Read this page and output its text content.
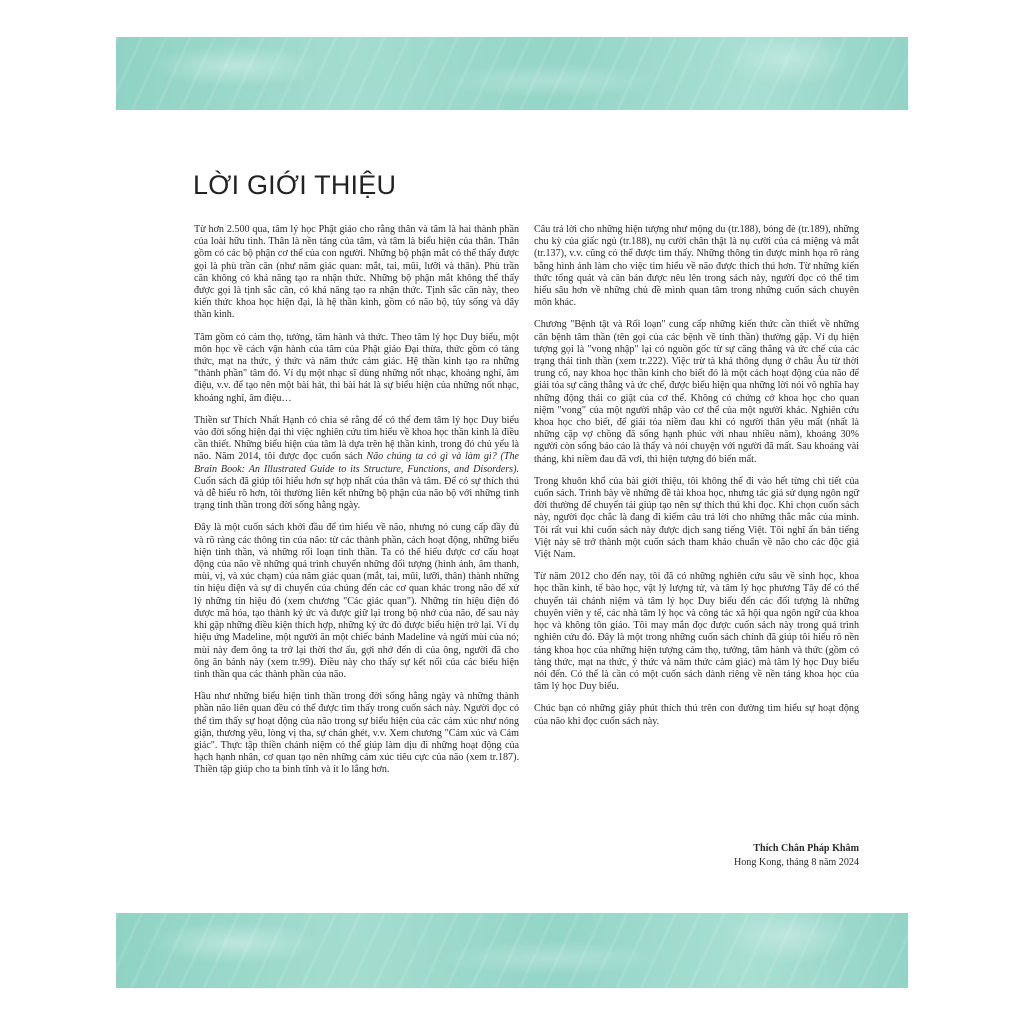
LỜI GIỚI THIỆU

Từ hơn 2.500 qua, tâm lý học Phật giáo cho rằng thân và tâm là hai thành phần của loài hữu tình. Thân là nền tảng của tâm, và tâm là biểu hiện của thân. Thân gồm có các bộ phận cơ thể của con người. Những bộ phận mắt có thể thấy được gọi là phù trần căn (như năm giác quan: mắt, tai, mũi, lưỡi và thân). Phù trần căn không có khả năng tạo ra nhận thức. Những bộ phận mắt không thể thấy được gọi là tịnh sắc căn, có khả năng tạo ra nhận thức. Tịnh sắc căn này, theo kiến thức khoa học hiện đại, là hệ thần kinh, gồm có não bộ, tủy sống và dây thần kinh.

Tâm gồm có cảm thọ, tưởng, tâm hành và thức. Theo tâm lý học Duy biểu, một môn học về cách vận hành của tâm của Phật giáo Đại thừa, thức gồm có tàng thức, mạt na thức, ý thức và năm thức cảm giác. Hệ thần kinh tạo ra những "thành phần" tâm đó. Ví dụ một nhạc sĩ dùng những nốt nhạc, khoảng nghỉ, âm điệu, v.v. để tạo nên một bài hát, thì bài hát là sự biểu hiện của những nốt nhạc, khoảng nghỉ, âm điệu…

Thiền sư Thích Nhất Hạnh có chia sẻ rằng để có thể đem tâm lý học Duy biểu vào đời sống hiện đại thì việc nghiên cứu tìm hiểu về khoa học thần kinh là điều cần thiết. Những biểu hiện của tâm là dựa trên hệ thần kinh, trong đó chủ yếu là não. Năm 2014, tôi được đọc cuốn sách Não chúng ta có gì và làm gì? (The Brain Book: An Illustrated Guide to its Structure, Functions, and Disorders). Cuốn sách đã giúp tôi hiểu hơn sự hợp nhất của thân và tâm. Để có sự thích thú và dễ hiểu rõ hơn, tôi thường liên kết những bộ phận của não bộ với những tình trạng tinh thần trong đời sống hằng ngày.

Đây là một cuốn sách khởi đầu để tìm hiểu về não, nhưng nó cung cấp đầy đủ và rõ ràng các thông tin của não: từ các thành phần, cách hoạt động, những biểu hiện tinh thần, và những rối loạn tinh thần. Ta có thể hiểu được cơ cấu hoạt động của não về những quá trình chuyển những đối tượng (hình ảnh, âm thanh, mùi, vị, và xúc chạm) của năm giác quan (mắt, tai, mũi, lưỡi, thân) thành những tín hiệu điện và sự di chuyển của chúng đến các cơ quan khác trong não để xử lý những tín hiệu đó (xem chương "Các giác quan"). Những tín hiệu điện đó được mã hóa, tạo thành ký ức và được giữ lại trong bộ nhớ của não, để sau này khi gặp những điều kiện thích hợp, những ký ức đó được biểu hiện trở lại. Ví dụ hiệu ứng Madeline, một người ăn một chiếc bánh Madeline và ngửi mùi của nó; mùi này đem ông ta trở lại thời thơ ấu, gợi nhớ đến dì của ông, người đã cho ông ăn bánh này (xem tr.99). Điều này cho thấy sự kết nối của các biểu hiện tinh thần qua các thành phần của não.

Hầu như những biểu hiện tinh thần trong đời sống hằng ngày và những thành phần não liên quan đều có thể được tìm thấy trong cuốn sách này. Người đọc có thể tìm thấy sự hoạt động của não trong sự biểu hiện của các cảm xúc như nóng giận, thương yêu, lòng vị tha, sự chán ghét, v.v. Xem chương "Cảm xúc và Cảm giác". Thực tập thiền chánh niệm có thể giúp làm dịu đi những hoạt động của hạch hạnh nhân, cơ quan tạo nên những cảm xúc tiêu cực của não (xem tr.187). Thiền tập giúp cho ta bình tĩnh và ít lo lắng hơn.

Câu trả lời cho những hiện tượng như mộng du (tr.188), bóng đè (tr.189), những chu kỳ của giấc ngủ (tr.188), nụ cười chân thật là nụ cười của cả miệng và mắt (tr.137), v.v. cũng có thể được tìm thấy. Những thông tin được minh họa rõ ràng bằng hình ảnh làm cho việc tìm hiểu về não được thích thú hơn. Từ những kiến thức tổng quát và căn bản được nêu lên trong sách này, người đọc có thể tìm hiểu sâu hơn về những chủ đề mình quan tâm trong những cuốn sách chuyên môn khác.

Chương "Bệnh tật và Rối loạn" cung cấp những kiến thức cần thiết về những căn bệnh tâm thần (tên gọi của các bệnh về tinh thần) thường gặp. Ví dụ hiện tượng gọi là "vong nhập" lại có nguồn gốc từ sự căng thẳng và ức chế của các trạng thái tinh thần (xem tr.222). Việc trừ tà khá thông dụng ở châu Âu từ thời trung cổ, nay khoa học thần kinh cho biết đó là một cách hoạt động của não để giải tỏa sự căng thẳng và ức chế, được biểu hiện qua những lời nói vô nghĩa hay những động thái co giật của cơ thể. Không có chứng cớ khoa học cho quan niệm "vong" của một người nhập vào cơ thể của một người khác. Nghiên cứu khoa học cho biết, để giải tỏa niềm đau khi có người thân yêu mất (nhất là những cặp vợ chồng đã sống hạnh phúc với nhau nhiều năm), khoảng 30% người còn sống báo cáo là thấy và nói chuyện với người đã mất. Sau khoảng vài tháng, khi niềm đau đã vơi, thì hiện tượng đó biến mất.

Trong khuôn khổ của bài giới thiệu, tôi không thể đi vào hết từng chi tiết của cuốn sách. Trình bày về những đề tài khoa học, nhưng tác giả sử dụng ngôn ngữ đời thường để chuyển tải giúp tạo nên sự thích thú khi đọc. Khi chọn cuốn sách này, người đọc chắc là đang đi kiếm câu trả lời cho những thắc mắc của mình. Tôi rất vui khi cuốn sách này được dịch sang tiếng Việt. Tôi nghĩ ấn bản tiếng Việt này sẽ trở thành một cuốn sách tham khảo chuẩn về não cho các độc giả Việt Nam.

Từ năm 2012 cho đến nay, tôi đã có những nghiên cứu sâu về sinh học, khoa học thần kinh, tế bào học, vật lý lượng tử, và tâm lý học phương Tây để có thể chuyển tải chánh niệm và tâm lý học Duy biểu đến các đối tượng là những chuyên viên y tế, các nhà tâm lý học và công tác xã hội qua ngôn ngữ của khoa học và không tôn giáo. Tôi may mắn đọc được cuốn sách này trong quá trình nghiên cứu đó. Đây là một trong những cuốn sách chính đã giúp tôi hiểu rõ nền tảng khoa học của những hiện tượng cảm thọ, tưởng, tâm hành và thức (gồm có tàng thức, mạt na thức, ý thức và năm thức cảm giác) mà tâm lý học Duy biểu nói đến. Có thể là cần có một cuốn sách dành riêng về nền tảng khoa học của tâm lý học Duy biểu.

Chúc bạn có những giây phút thích thú trên con đường tìm hiểu sự hoạt động của não khi đọc cuốn sách này.

Thích Chân Pháp Khâm
Hong Kong, tháng 8 năm 2024
